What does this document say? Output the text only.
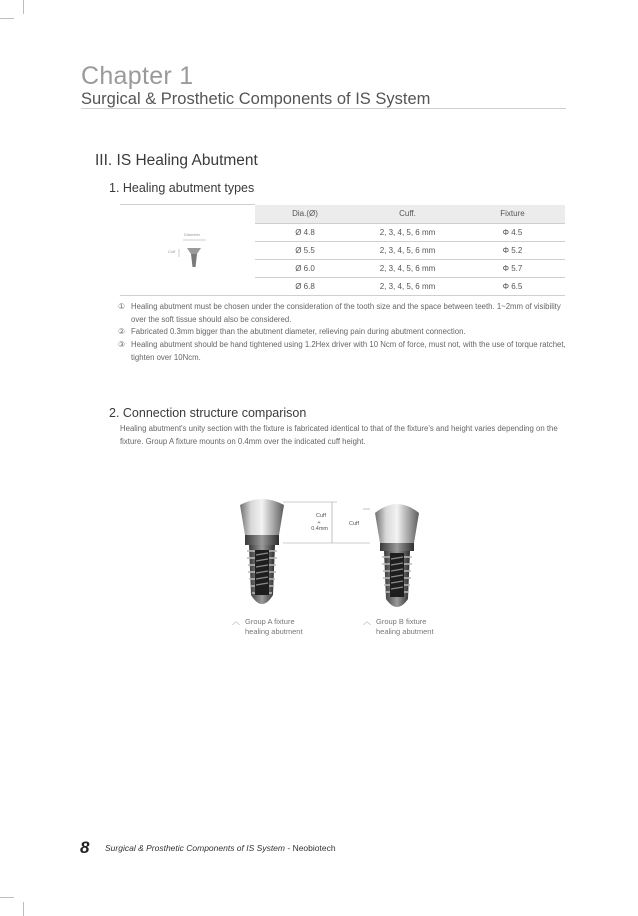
Chapter 1
Surgical & Prosthetic Components of IS System
III. IS Healing Abutment
1. Healing abutment types
Diameter
Cuff	Dia.(Ø)	Cuff.	Fixture
	Ø 4.8	2, 3, 4, 5, 6 mm	Φ 4.5
	Ø 5.5	2, 3, 4, 5, 6 mm	Φ 5.2
	Ø 6.0	2, 3, 4, 5, 6 mm	Φ 5.7
	Ø 6.8	2, 3, 4, 5, 6 mm	Φ 6.5
① Healing abutment must be chosen under the consideration of the tooth size and the space between teeth. 1~2mm of visibility over the soft tissue should also be considered.
② Fabricated 0.3mm bigger than the abutment diameter, relieving pain during abutment connection.
③ Healing abutment should be hand tightened using 1.2Hex driver with 10 Ncm of force, must not, with the use of torque ratchet, tighten over 10Ncm.
2. Connection structure comparison
Healing abutment's unity section with the fixture is fabricated identical to that of the fixture's and height varies depending on the fixture. Group A fixture mounts on 0.4mm over the indicated cuff height.
Cuff
+
0.4mm
Cuff
︿ Group A fixture
healing abutment
︿ Group B fixture
healing abutment
8 Surgical & Prosthetic Components of IS System - Neobiotech
